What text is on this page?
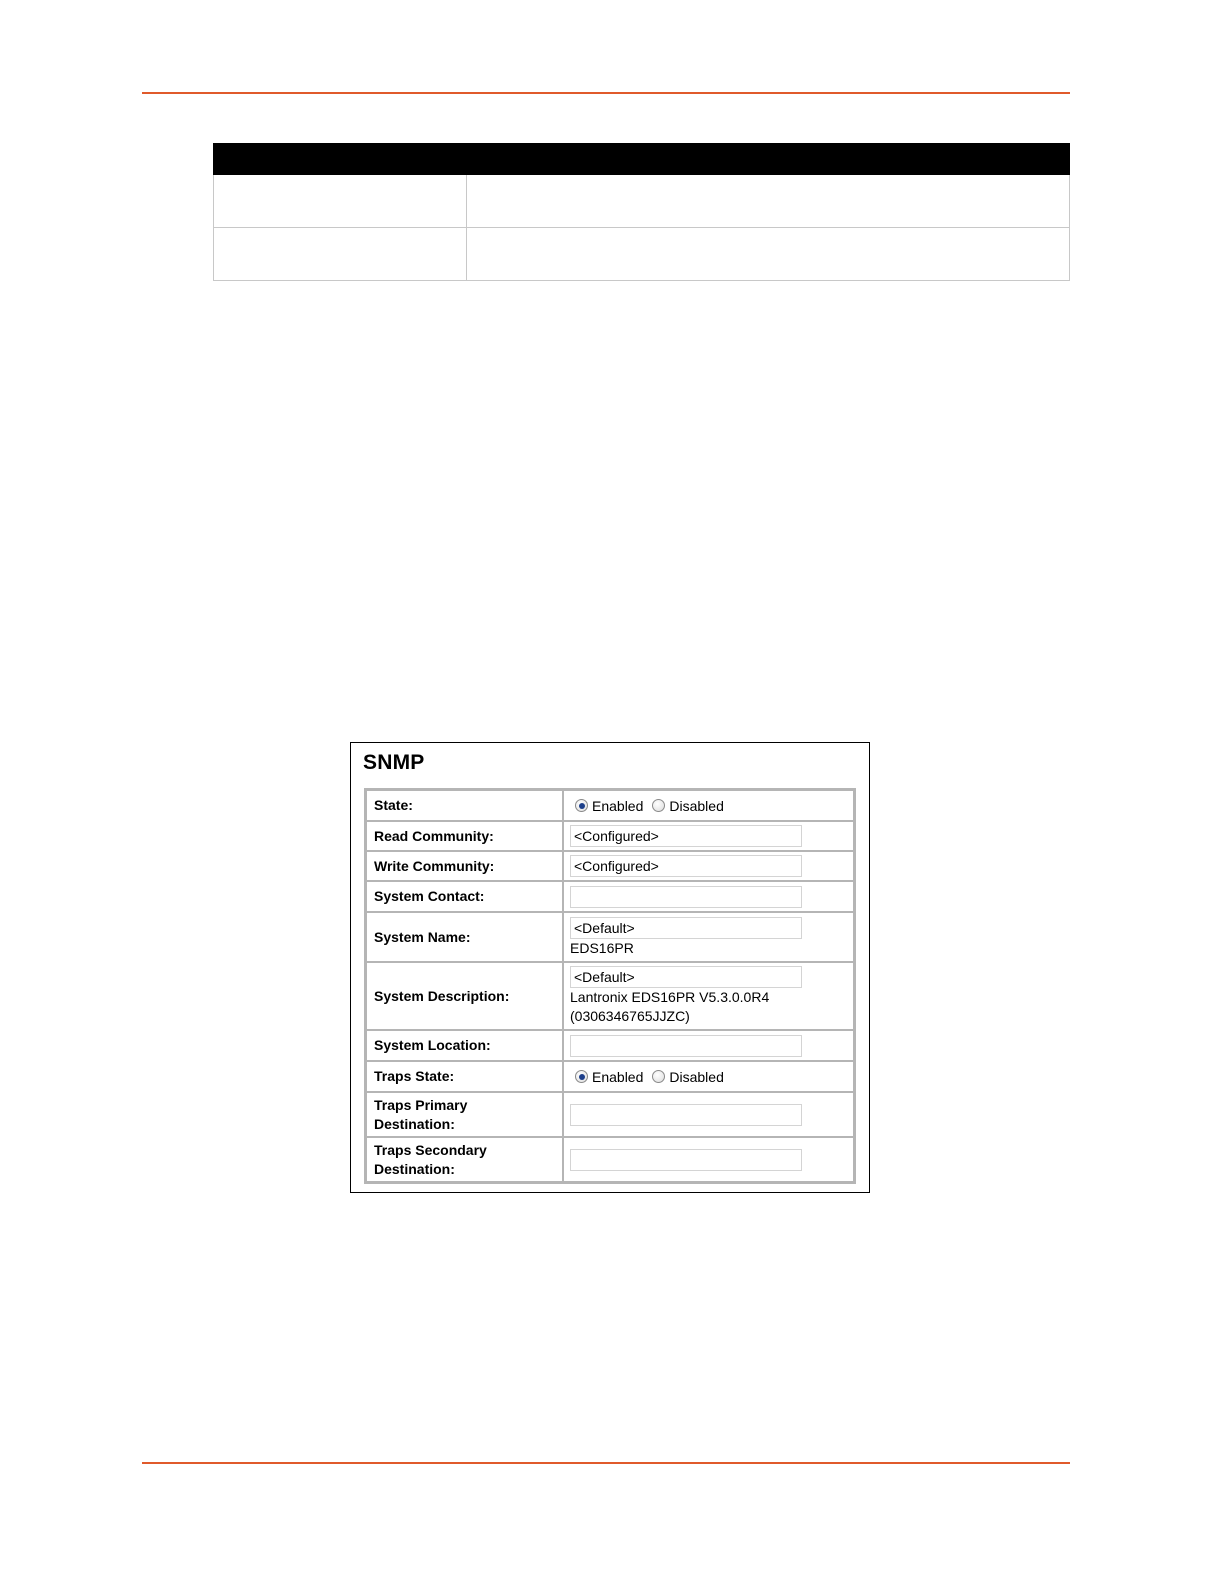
SNMP
State:	Enabled Disabled

Read Community:	<Configured>

Write Community:	<Configured>

System Contact:	

System Name:	<Default>
EDS16PR

System Description:	<Default>
Lantronix EDS16PR V5.3.0.0R4
(0306346765JJZC)

System Location:	

Traps State:	Enabled Disabled

Traps Primary
Destination:	

Traps Secondary
Destination:	
